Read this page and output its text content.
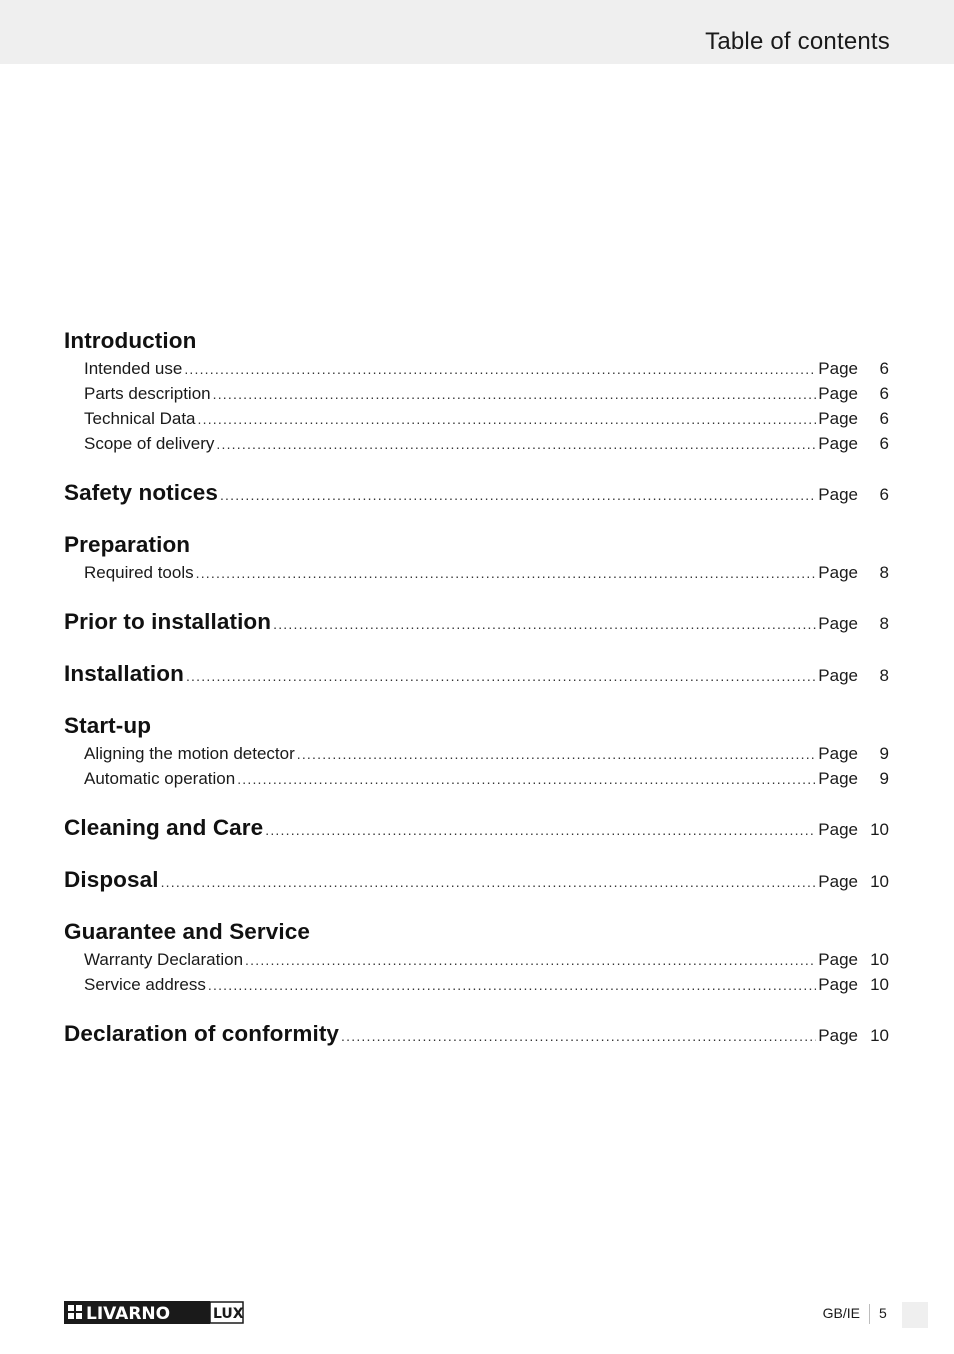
Table of contents
Introduction
Intended use .....	Page	6
Parts description .....	Page	6
Technical Data .....	Page	6
Scope of delivery .....	Page	6
Safety notices .....	Page	6
Preparation
Required tools .....	Page	8
Prior to installation .....	Page	8
Installation .....	Page	8
Start-up
Aligning the motion detector .....	Page	9
Automatic operation .....	Page	9
Cleaning and Care .....	Page 10
Disposal .....	Page 10
Guarantee and Service
Warranty Declaration .....	Page 10
Service address .....	Page 10
Declaration of conformity .....	Page 10
LIVARNO	LUX	GB/IE 5
